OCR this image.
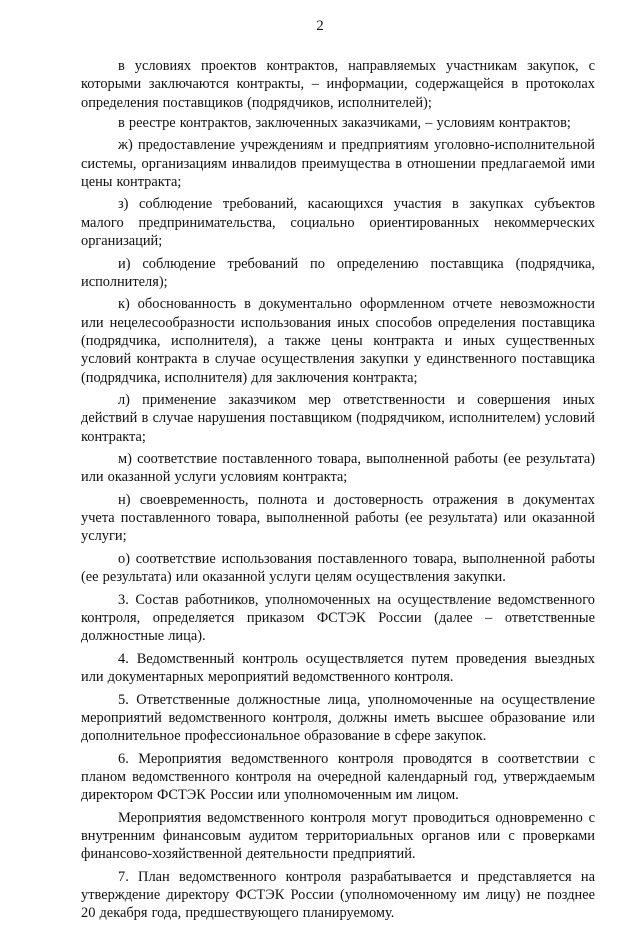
2

в условиях проектов контрактов, направляемых участникам закупок, с которыми заключаются контракты, – информации, содержащейся в протоколах определения поставщиков (подрядчиков, исполнителей);

в реестре контрактов, заключенных заказчиками, – условиям контрактов;

ж) предоставление учреждениям и предприятиям уголовно-исполнительной системы, организациям инвалидов преимущества в отношении предлагаемой ими цены контракта;

з) соблюдение требований, касающихся участия в закупках субъектов малого предпринимательства, социально ориентированных некоммерческих организаций;

и) соблюдение требований по определению поставщика (подрядчика, исполнителя);

к) обоснованность в документально оформленном отчете невозможности или нецелесообразности использования иных способов определения поставщика (подрядчика, исполнителя), а также цены контракта и иных существенных условий контракта в случае осуществления закупки у единственного поставщика (подрядчика, исполнителя) для заключения контракта;

л) применение заказчиком мер ответственности и совершения иных действий в случае нарушения поставщиком (подрядчиком, исполнителем) условий контракта;

м) соответствие поставленного товара, выполненной работы (ее результата) или оказанной услуги условиям контракта;

н) своевременность, полнота и достоверность отражения в документах учета поставленного товара, выполненной работы (ее результата) или оказанной услуги;

о) соответствие использования поставленного товара, выполненной работы (ее результата) или оказанной услуги целям осуществления закупки.

3. Состав работников, уполномоченных на осуществление ведомственного контроля, определяется приказом ФСТЭК России (далее – ответственные должностные лица).

4. Ведомственный контроль осуществляется путем проведения выездных или документарных мероприятий ведомственного контроля.

5. Ответственные должностные лица, уполномоченные на осуществление мероприятий ведомственного контроля, должны иметь высшее образование или дополнительное профессиональное образование в сфере закупок.

6. Мероприятия ведомственного контроля проводятся в соответствии с планом ведомственного контроля на очередной календарный год, утверждаемым директором ФСТЭК России или уполномоченным им лицом.

Мероприятия ведомственного контроля могут проводиться одновременно с внутренним финансовым аудитом территориальных органов или с проверками финансово-хозяйственной деятельности предприятий.

7. План ведомственного контроля разрабатывается и представляется на утверждение директору ФСТЭК России (уполномоченному им лицу) не позднее 20 декабря года, предшествующего планируемому.
